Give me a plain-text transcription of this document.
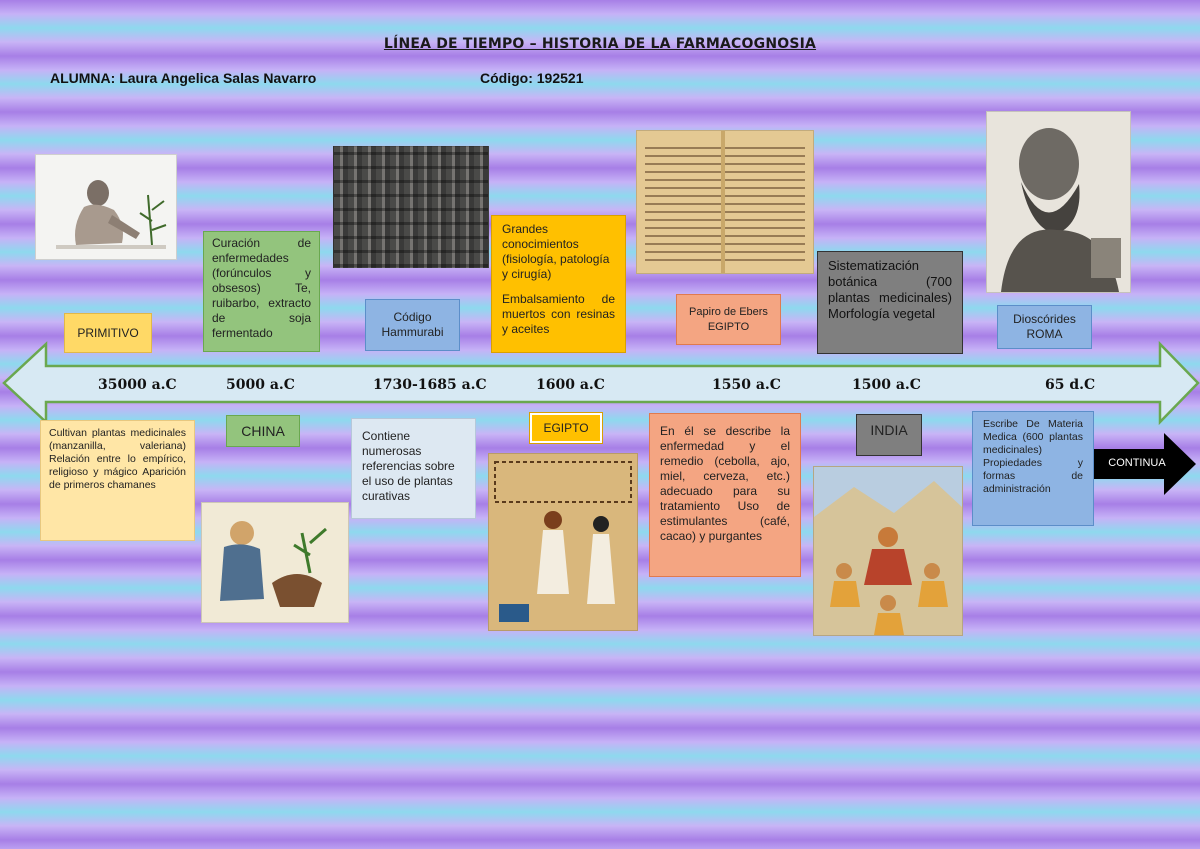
LÍNEA DE TIEMPO – HISTORIA DE LA FARMACOGNOSIA
ALUMNA: Laura Angelica Salas Navarro	Código: 192521
35000 a.C	5000 a.C	1730-1685 a.C	1600 a.C	1550 a.C	1500 a.C	65 d.C
PRIMITIVO
CHINA
Código Hammurabi
EGIPTO
Papiro de Ebers EGIPTO
INDIA
Dioscórides ROMA

Curación de enfermedades (forúnculos y obsesos) Te, ruibarbo, extracto de soja fermentado

Grandes conocimientos (fisiología, patología y cirugía)

Embalsamiento de muertos con resinas y aceites

Sistematización botánica (700 plantas medicinales) Morfología vegetal

Cultivan plantas medicinales (manzanilla, valeriana) Relación entre lo empírico, religioso y mágico Aparición de primeros chamanes

Contiene numerosas referencias sobre el uso de plantas curativas

En él se describe la enfermedad y el remedio (cebolla, ajo, miel, cerveza, etc.) adecuado para su tratamiento Uso de estimulantes (café, cacao) y purgantes

Escribe De Materia Medica (600 plantas medicinales) Propiedades y formas de administración

CONTINUA
